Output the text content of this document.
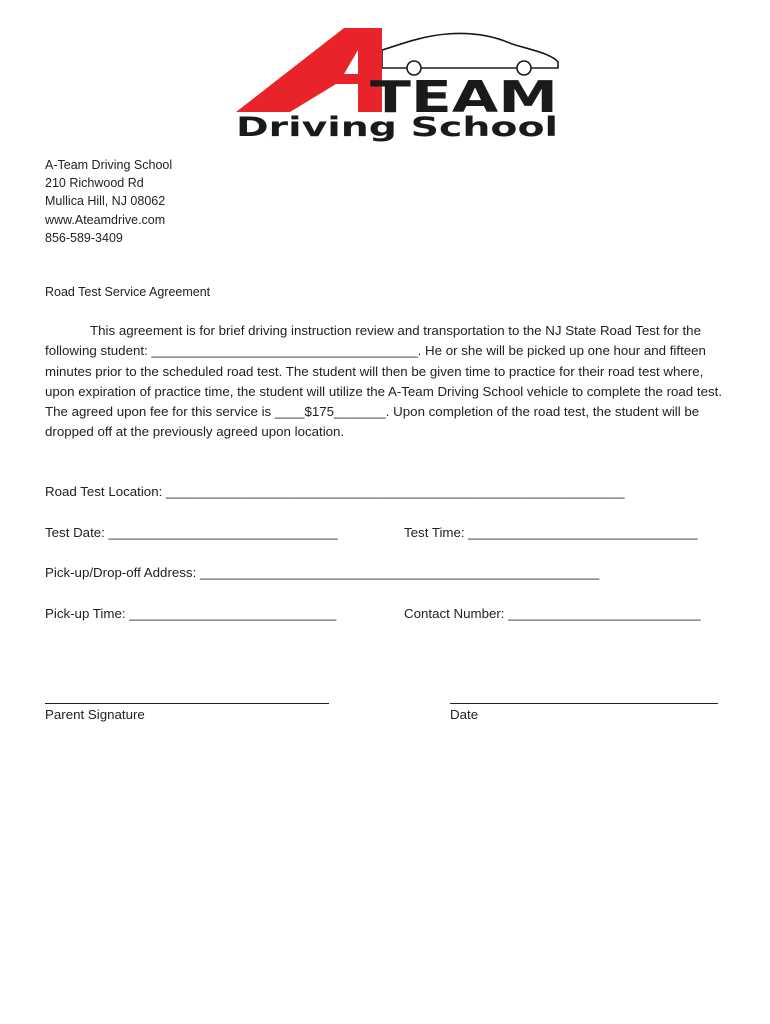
TEAM
Driving School
A-Team Driving School
210 Richwood Rd
Mullica Hill, NJ 08062
www.Ateamdrive.com
856-589-3409
Road Test Service Agreement

This agreement is for brief driving instruction review and transportation to the NJ State Road Test for the following student: ____________________________________. He or she will be picked up one hour and fifteen minutes prior to the scheduled road test. The student will then be given time to practice for their road test where, upon expiration of practice time, the student will utilize the A-Team Driving School vehicle to complete the road test. The agreed upon fee for this service is ____$175_______. Upon completion of the road test, the student will be dropped off at the previously agreed upon location.

Road Test Location: ______________________________________________________________
Test Date: _______________________________	Test Time: _______________________________
Pick-up/Drop-off Address: ______________________________________________________
Pick-up Time: ____________________________	Contact Number: __________________________
Parent Signature	Date
